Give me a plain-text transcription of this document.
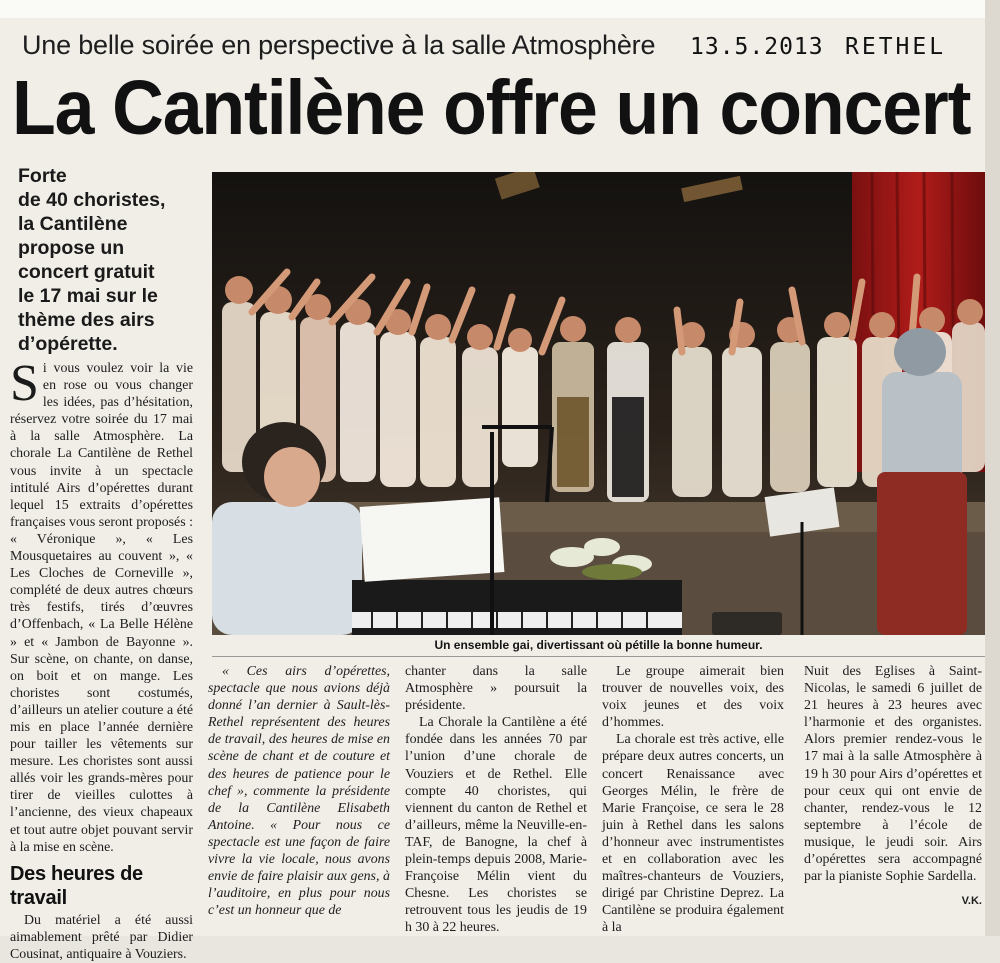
Une belle soirée en perspective à la salle Atmosphère 13.5.2013 RETHEL
La Cantilène offre un concert
Forte
de 40 choristes,
la Cantilène
propose un
concert gratuit
le 17 mai sur le
thème des airs
d’opérette.

Si vous voulez voir la vie en rose ou vous changer les idées, pas d’hésitation, réservez votre soirée du 17 mai à la salle Atmosphère. La chorale La Cantilène de Rethel vous invite à un spectacle intitulé Airs d’opérettes durant lequel 15 extraits d’opérettes françaises vous seront proposés : « Véronique », « Les Mousquetaires au couvent », « Les Cloches de Corneville », complété de deux autres chœurs très festifs, tirés d’œuvres d’Offenbach, « La Belle Hélène » et « Jambon de Bayonne ». Sur scène, on chante, on danse, on boit et on mange. Les choristes sont costumés, d’ailleurs un atelier couture a été mis en place l’année dernière pour tailler les vêtements sur mesure. Les choristes sont aussi allés voir les grands-mères pour tirer de vieilles culottes à l’ancienne, des vieux chapeaux et tout autre objet pouvant servir à la mise en scène.

Des heures de travail

Du matériel a été aussi aimablement prêté par Didier Cousinat, antiquaire à Vouziers.

Un ensemble gai, divertissant où pétille la bonne humeur.

« Ces airs d’opérettes, spectacle que nous avions déjà donné l’an dernier à Sault-lès-Rethel représentent des heures de travail, des heures de mise en scène de chant et de couture et des heures de patience pour le chef », commente la présidente de la Cantilène Elisabeth Antoine. « Pour nous ce spectacle est une façon de faire vivre la vie locale, nous avons envie de faire plaisir aux gens, à l’auditoire, en plus pour nous c’est un honneur que de

chanter dans la salle Atmosphère » poursuit la présidente.

La Chorale la Cantilène a été fondée dans les années 70 par l’union d’une chorale de Vouziers et de Rethel. Elle compte 40 choristes, qui viennent du canton de Rethel et d’ailleurs, même la Neuville-en-TAF, de Banogne, la chef à plein-temps depuis 2008, Marie-Françoise Mélin vient du Chesne. Les choristes se retrouvent tous les jeudis de 19 h 30 à 22 heures.

Le groupe aimerait bien trouver de nouvelles voix, des voix jeunes et des voix d’hommes.

La chorale est très active, elle prépare deux autres concerts, un concert Renaissance avec Georges Mélin, le frère de Marie Françoise, ce sera le 28 juin à Rethel dans les salons d’honneur avec instrumentistes et en collaboration avec les maîtres-chanteurs de Vouziers, dirigé par Christine Deprez. La Cantilène se produira également à la

Nuit des Eglises à Saint-Nicolas, le samedi 6 juillet de 21 heures à 23 heures avec l’harmonie et des organistes. Alors premier rendez-vous le 17 mai à la salle Atmosphère à 19 h 30 pour Airs d’opérettes et pour ceux qui ont envie de chanter, rendez-vous le 12 septembre à l’école de musique, le jeudi soir. Airs d’opérettes sera accompagné par la pianiste Sophie Sardella.

V.K.
